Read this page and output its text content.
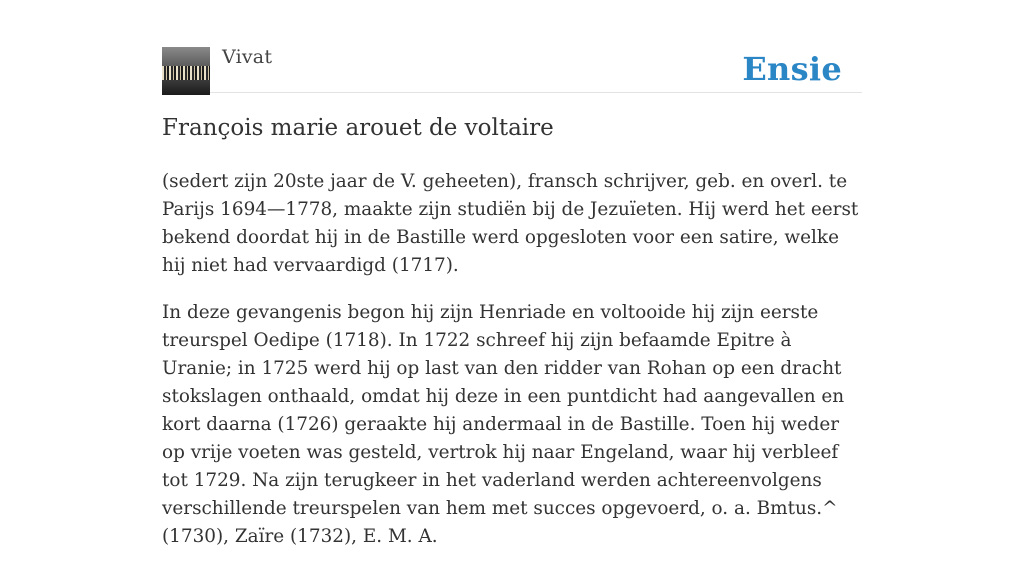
Vivat	Ensie
François marie arouet de voltaire

(sedert zijn 20ste jaar de V. geheeten), fransch schrijver, geb. en overl. te Parijs 1694—1778, maakte zijn studiën bij de Jezuïeten. Hij werd het eerst bekend doordat hij in de Bastille werd opgesloten voor een satire, welke hij niet had vervaardigd (1717).

In deze gevangenis begon hij zijn Henriade en voltooide hij zijn eerste treurspel Oedipe (1718). In 1722 schreef hij zijn befaamde Epitre à Uranie; in 1725 werd hij op last van den ridder van Rohan op een dracht stokslagen onthaald, omdat hij deze in een puntdicht had aangevallen en kort daarna (1726) geraakte hij andermaal in de Bastille. Toen hij weder op vrije voeten was gesteld, vertrok hij naar Engeland, waar hij verbleef tot 1729. Na zijn terugkeer in het vaderland werden achtereenvolgens verschillende treurspelen van hem met succes opgevoerd, o. a. Bmtus.^ (1730), Zaïre (1732), E. M. A.
